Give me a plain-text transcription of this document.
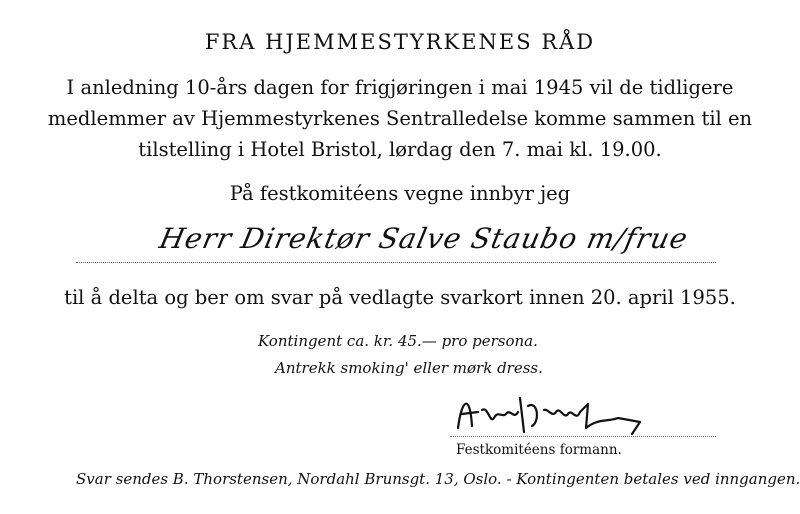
FRA HJEMMESTYRKENES RÅD
I anledning 10-års dagen for frigjøringen i mai 1945 vil de tidligere
medlemmer av Hjemmestyrkenes Sentralledelse komme sammen til en
tilstelling i Hotel Bristol, lørdag den 7. mai kl. 19.00.
På festkomitéens vegne innbyr jeg
Herr Direktør Salve Staubo m/frue
til å delta og ber om svar på vedlagte svarkort innen 20. april 1955.
Kontingent ca. kr. 45.— pro persona.
Antrekk smoking' eller mørk dress.
Festkomitéens formann.
Svar sendes B. Thorstensen, Nordahl Brunsgt. 13, Oslo. - Kontingenten betales ved inngangen.
